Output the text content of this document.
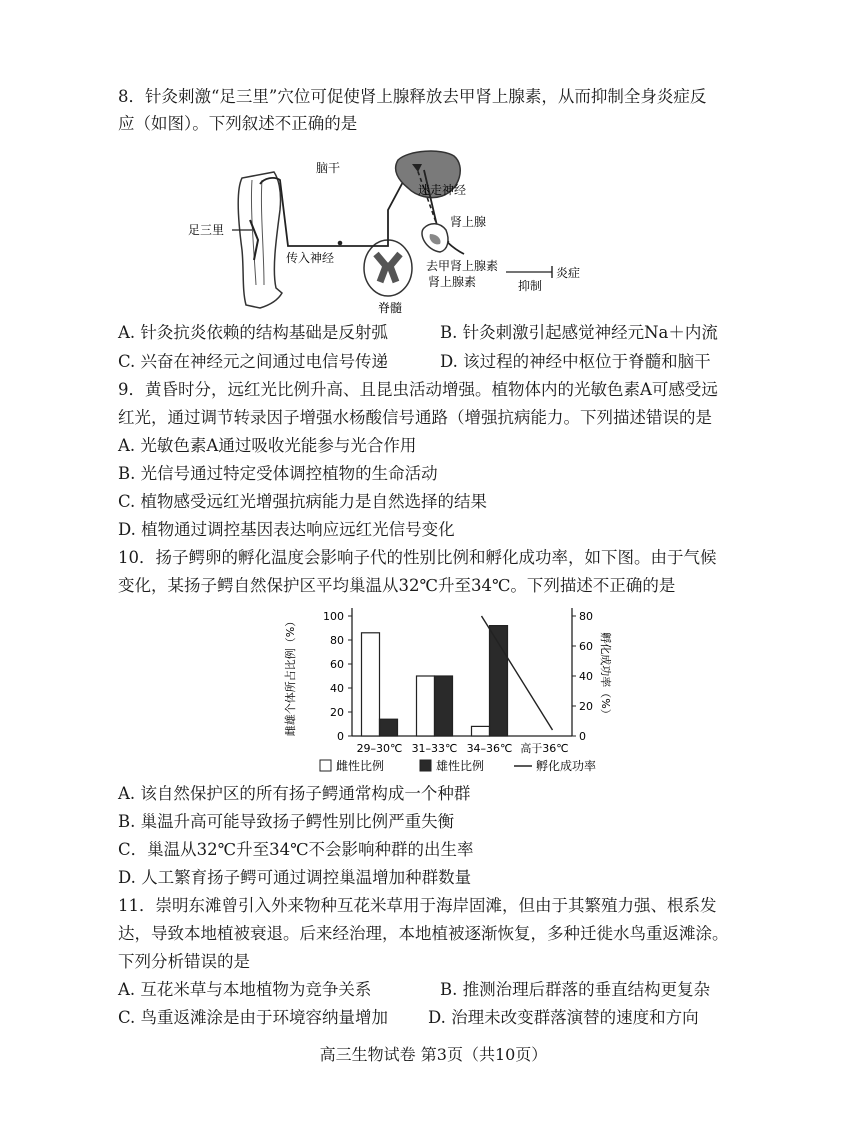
8．针灸刺激“足三里”穴位可促使肾上腺释放去甲肾上腺素，从而抑制全身炎症反
应（如图）。下列叙述不正确的是
足三里
传入神经
脊髓
脑干
迷走神经
肾上腺
去甲肾上腺素
肾上腺素	抑制
炎症
A. 针灸抗炎依赖的结构基础是反射弧	B. 针灸刺激引起感觉神经元Na＋内流
C. 兴奋在神经元之间通过电信号传递	D. 该过程的神经中枢位于脊髓和脑干
9．黄昏时分，远红光比例升高、且昆虫活动增强。植物体内的光敏色素A可感受远
红光，通过调节转录因子增强水杨酸信号通路（增强抗病能力。下列描述错误的是
A. 光敏色素A通过吸收光能参与光合作用
B. 光信号通过特定受体调控植物的生命活动
C. 植物感受远红光增强抗病能力是自然选择的结果
D. 植物通过调控基因表达响应远红光信号变化
10．扬子鳄卵的孵化温度会影响子代的性别比例和孵化成功率，如下图。由于气候
变化，某扬子鳄自然保护区平均巢温从32℃升至34℃。下列描述不正确的是
0
20
40
60
80
100
0
20
40
60
80
雌雄个体所占比例（%）	孵化成功率（%）
29–30℃ 31–33℃ 34–36℃ 高于36℃
雌性比例	雄性比例	孵化成功率
A. 该自然保护区的所有扬子鳄通常构成一个种群
B. 巢温升高可能导致扬子鳄性别比例严重失衡
C．巢温从32℃升至34℃不会影响种群的出生率
D. 人工繁育扬子鳄可通过调控巢温增加种群数量
11．崇明东滩曾引入外来物种互花米草用于海岸固滩，但由于其繁殖力强、根系发
达，导致本地植被衰退。后来经治理，本地植被逐渐恢复，多种迁徙水鸟重返滩涂。
下列分析错误的是
A. 互花米草与本地植物为竞争关系	B. 推测治理后群落的垂直结构更复杂
C. 鸟重返滩涂是由于环境容纳量增加 D. 治理未改变群落演替的速度和方向
高三生物试卷 第3页（共10页）
